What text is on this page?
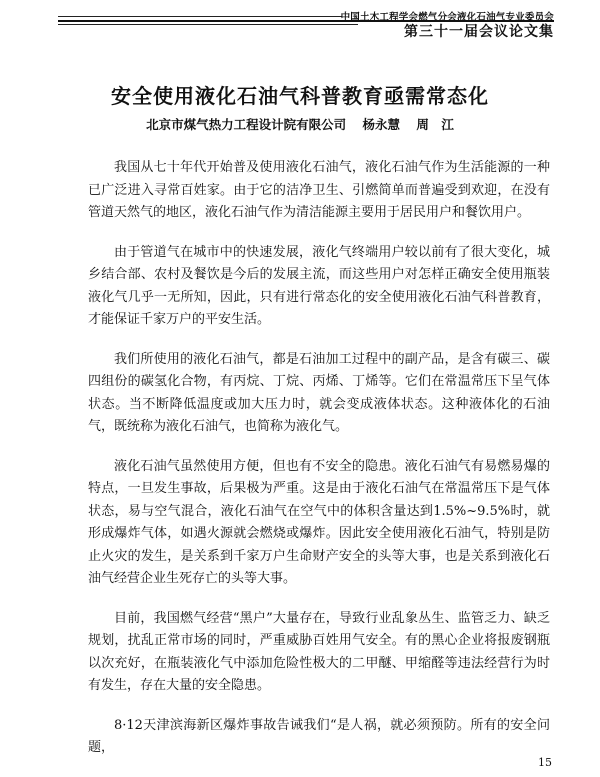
中国土木工程学会燃气分会液化石油气专业委员会
第三十一届会议论文集
安全使用液化石油气科普教育亟需常态化
北京市煤气热力工程设计院有限公司 杨永慧 周　江

我国从七十年代开始普及使用液化石油气，液化石油气作为生活能源的一种已广泛进入寻常百姓家。由于它的洁净卫生、引燃简单而普遍受到欢迎，在没有管道天然气的地区，液化石油气作为清洁能源主要用于居民用户和餐饮用户。

由于管道气在城市中的快速发展，液化气终端用户较以前有了很大变化，城乡结合部、农村及餐饮是今后的发展主流，而这些用户对怎样正确安全使用瓶装液化气几乎一无所知，因此，只有进行常态化的安全使用液化石油气科普教育，才能保证千家万户的平安生活。

我们所使用的液化石油气，都是石油加工过程中的副产品，是含有碳三、碳四组份的碳氢化合物，有丙烷、丁烷、丙烯、丁烯等。它们在常温常压下呈气体状态。当不断降低温度或加大压力时，就会变成液体状态。这种液体化的石油气，既统称为液化石油气，也简称为液化气。

液化石油气虽然使用方便，但也有不安全的隐患。液化石油气有易燃易爆的特点，一旦发生事故，后果极为严重。这是由于液化石油气在常温常压下是气体状态，易与空气混合，液化石油气在空气中的体积含量达到1.5%~9.5%时，就形成爆炸气体，如遇火源就会燃烧或爆炸。因此安全使用液化石油气，特别是防止火灾的发生，是关系到千家万户生命财产安全的头等大事，也是关系到液化石油气经营企业生死存亡的头等大事。

目前，我国燃气经营“黑户”大量存在，导致行业乱象丛生、监管乏力、缺乏规划，扰乱正常市场的同时，严重威胁百姓用气安全。有的黑心企业将报废钢瓶以次充好，在瓶装液化气中添加危险性极大的二甲醚、甲缩醛等违法经营行为时有发生，存在大量的安全隐患。

8·12天津滨海新区爆炸事故告诫我们“是人祸，就必须预防。所有的安全问题，

15
